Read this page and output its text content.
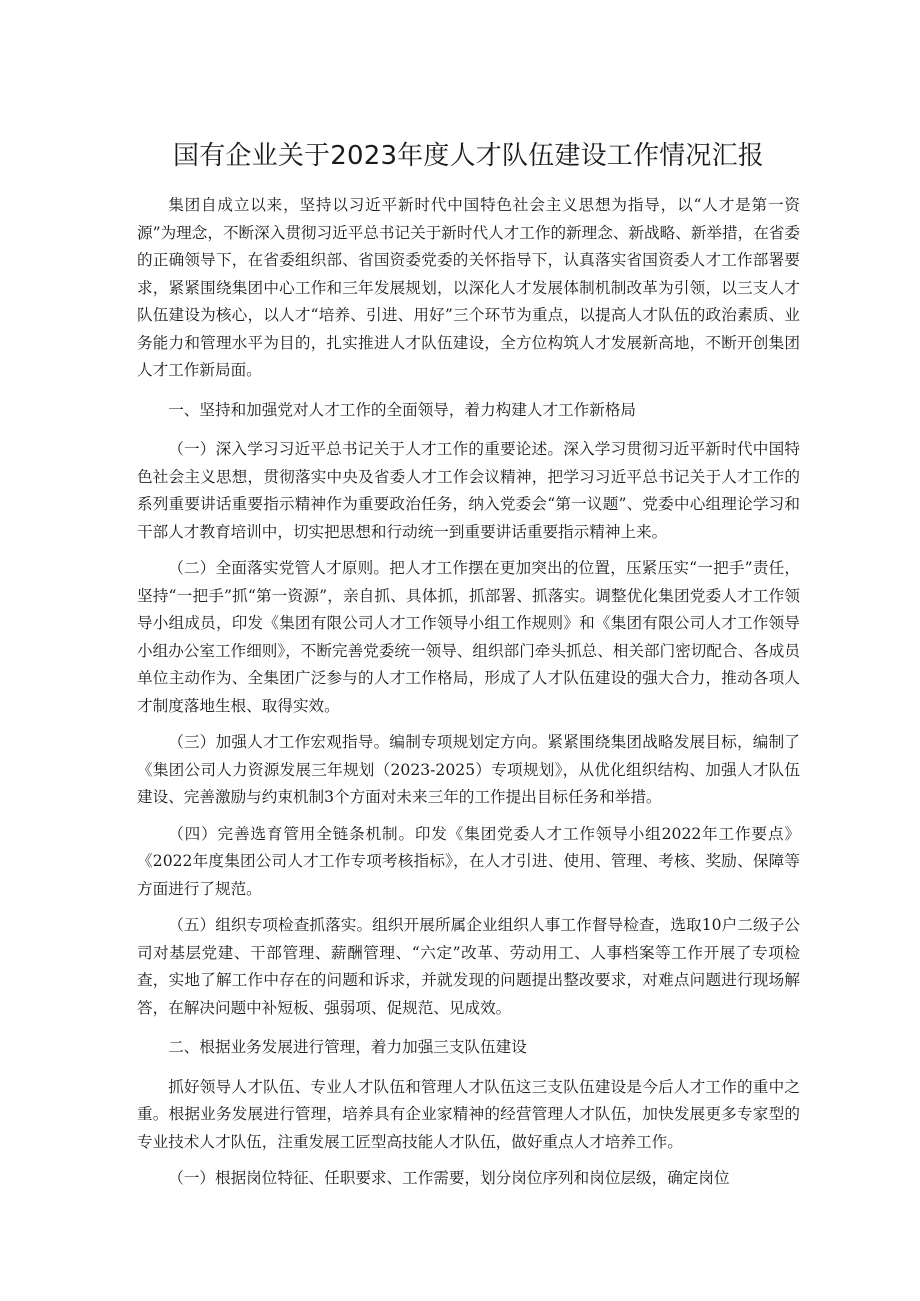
国有企业关于2023年度人才队伍建设工作情况汇报

集团自成立以来，坚持以习近平新时代中国特色社会主义思想为指导，以“人才是第一资源”为理念，不断深入贯彻习近平总书记关于新时代人才工作的新理念、新战略、新举措，在省委的正确领导下，在省委组织部、省国资委党委的关怀指导下，认真落实省国资委人才工作部署要求，紧紧围绕集团中心工作和三年发展规划，以深化人才发展体制机制改革为引领，以三支人才队伍建设为核心，以人才“培养、引进、用好”三个环节为重点，以提高人才队伍的政治素质、业务能力和管理水平为目的，扎实推进人才队伍建设，全方位构筑人才发展新高地，不断开创集团人才工作新局面。

一、坚持和加强党对人才工作的全面领导，着力构建人才工作新格局

（一）深入学习习近平总书记关于人才工作的重要论述。深入学习贯彻习近平新时代中国特色社会主义思想，贯彻落实中央及省委人才工作会议精神，把学习习近平总书记关于人才工作的系列重要讲话重要指示精神作为重要政治任务，纳入党委会“第一议题”、党委中心组理论学习和干部人才教育培训中，切实把思想和行动统一到重要讲话重要指示精神上来。

（二）全面落实党管人才原则。把人才工作摆在更加突出的位置，压紧压实“一把手”责任，坚持“一把手”抓“第一资源”，亲自抓、具体抓，抓部署、抓落实。调整优化集团党委人才工作领导小组成员，印发《集团有限公司人才工作领导小组工作规则》和《集团有限公司人才工作领导小组办公室工作细则》，不断完善党委统一领导、组织部门牵头抓总、相关部门密切配合、各成员单位主动作为、全集团广泛参与的人才工作格局，形成了人才队伍建设的强大合力，推动各项人才制度落地生根、取得实效。

（三）加强人才工作宏观指导。编制专项规划定方向。紧紧围绕集团战略发展目标，编制了《集团公司人力资源发展三年规划（2023-2025）专项规划》，从优化组织结构、加强人才队伍建设、完善激励与约束机制3个方面对未来三年的工作提出目标任务和举措。

（四）完善选育管用全链条机制。印发《集团党委人才工作领导小组2022年工作要点》《2022年度集团公司人才工作专项考核指标》，在人才引进、使用、管理、考核、奖励、保障等方面进行了规范。

（五）组织专项检查抓落实。组织开展所属企业组织人事工作督导检查，选取10户二级子公司对基层党建、干部管理、薪酬管理、“六定”改革、劳动用工、人事档案等工作开展了专项检查，实地了解工作中存在的问题和诉求，并就发现的问题提出整改要求，对难点问题进行现场解答，在解决问题中补短板、强弱项、促规范、见成效。

二、根据业务发展进行管理，着力加强三支队伍建设

抓好领导人才队伍、专业人才队伍和管理人才队伍这三支队伍建设是今后人才工作的重中之重。根据业务发展进行管理，培养具有企业家精神的经营管理人才队伍，加快发展更多专家型的专业技术人才队伍，注重发展工匠型高技能人才队伍，做好重点人才培养工作。

（一）根据岗位特征、任职要求、工作需要，划分岗位序列和岗位层级，确定岗位
